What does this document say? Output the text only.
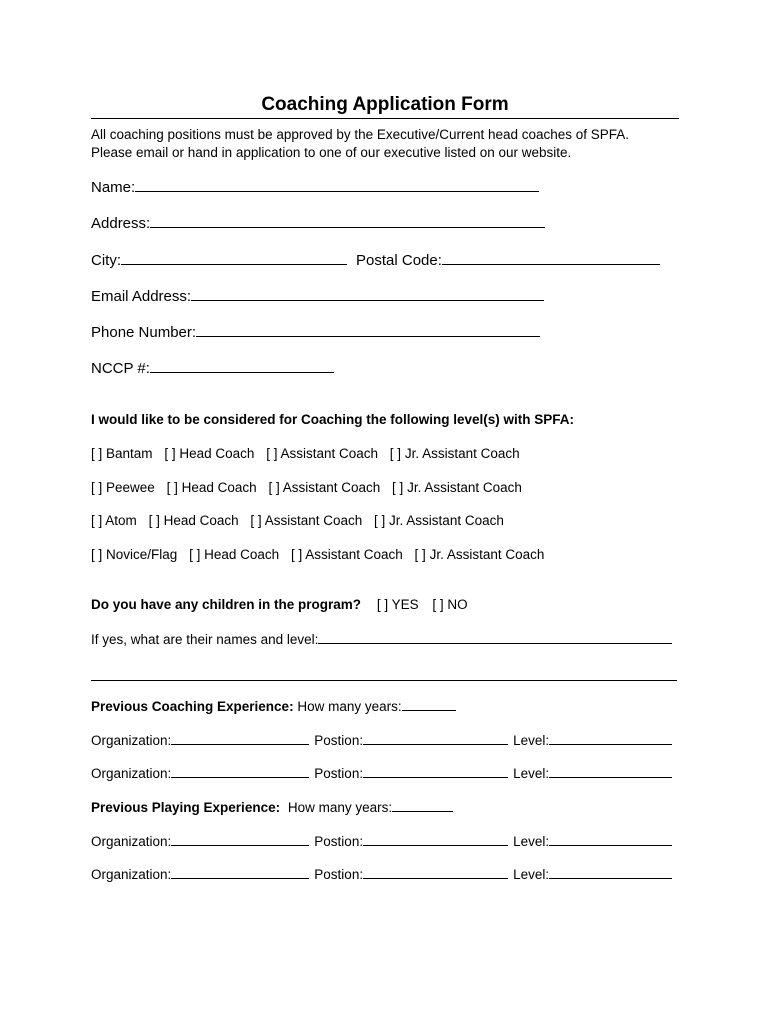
Coaching Application Form
All coaching positions must be approved by the Executive/Current head coaches of SPFA.
Please email or hand in application to one of our executive listed on our website.
Name:
Address:
City:	Postal Code:
Email Address:
Phone Number:
NCCP #:
I would like to be considered for Coaching the following level(s) with SPFA:
[ ] Bantam [ ] Head Coach [ ] Assistant Coach [ ] Jr. Assistant Coach
[ ] Peewee [ ] Head Coach [ ] Assistant Coach [ ] Jr. Assistant Coach
[ ] Atom [ ] Head Coach [ ] Assistant Coach [ ] Jr. Assistant Coach
[ ] Novice/Flag [ ] Head Coach [ ] Assistant Coach [ ] Jr. Assistant Coach
Do you have any children in the program? [ ] YES [ ] NO
If yes, what are their names and level:
Previous Coaching Experience: How many years:
Organization:	Postion:	Level:
Organization:	Postion:	Level:
Previous Playing Experience: How many years:
Organization:	Postion:	Level:
Organization:	Postion:	Level:
